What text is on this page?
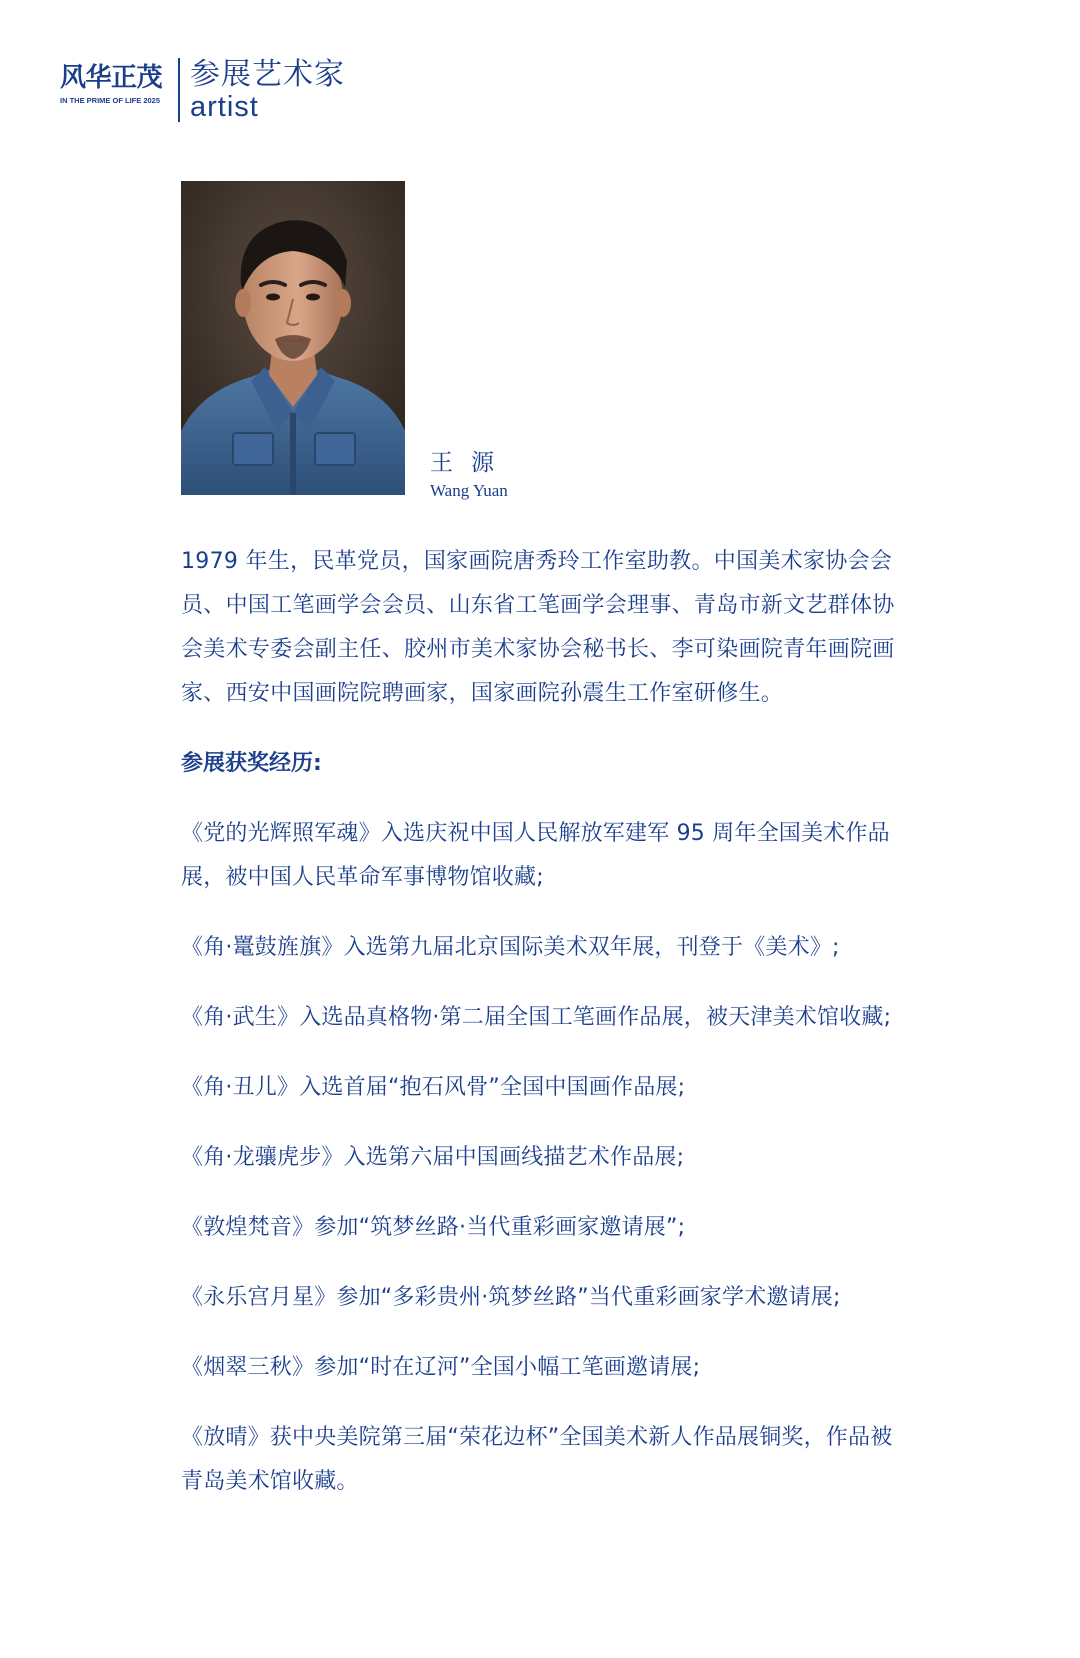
风华正茂
IN THE PRIME OF LIFE 2025
参展艺术家
artist
王源
Wang Yuan

1979 年生，民革党员，国家画院唐秀玲工作室助教。中国美术家协会会员、中国工笔画学会会员、山东省工笔画学会理事、青岛市新文艺群体协会美术专委会副主任、胶州市美术家协会秘书长、李可染画院青年画院画家、西安中国画院院聘画家，国家画院孙震生工作室研修生。

参展获奖经历:
《党的光辉照军魂》入选庆祝中国人民解放军建军 95 周年全国美术作品展，被中国人民革命军事博物馆收藏;
《角·鼍鼓旌旗》入选第九届北京国际美术双年展，刊登于《美术》;
《角·武生》入选品真格物·第二届全国工笔画作品展，被天津美术馆收藏;
《角·丑儿》入选首届“抱石风骨”全国中国画作品展;
《角·龙骧虎步》入选第六届中国画线描艺术作品展;
《敦煌梵音》参加“筑梦丝路·当代重彩画家邀请展”;
《永乐宫月星》参加“多彩贵州·筑梦丝路”当代重彩画家学术邀请展;
《烟翠三秋》参加“时在辽河”全国小幅工笔画邀请展;
《放晴》获中央美院第三届“荣花边杯”全国美术新人作品展铜奖，作品被青岛美术馆收藏。
